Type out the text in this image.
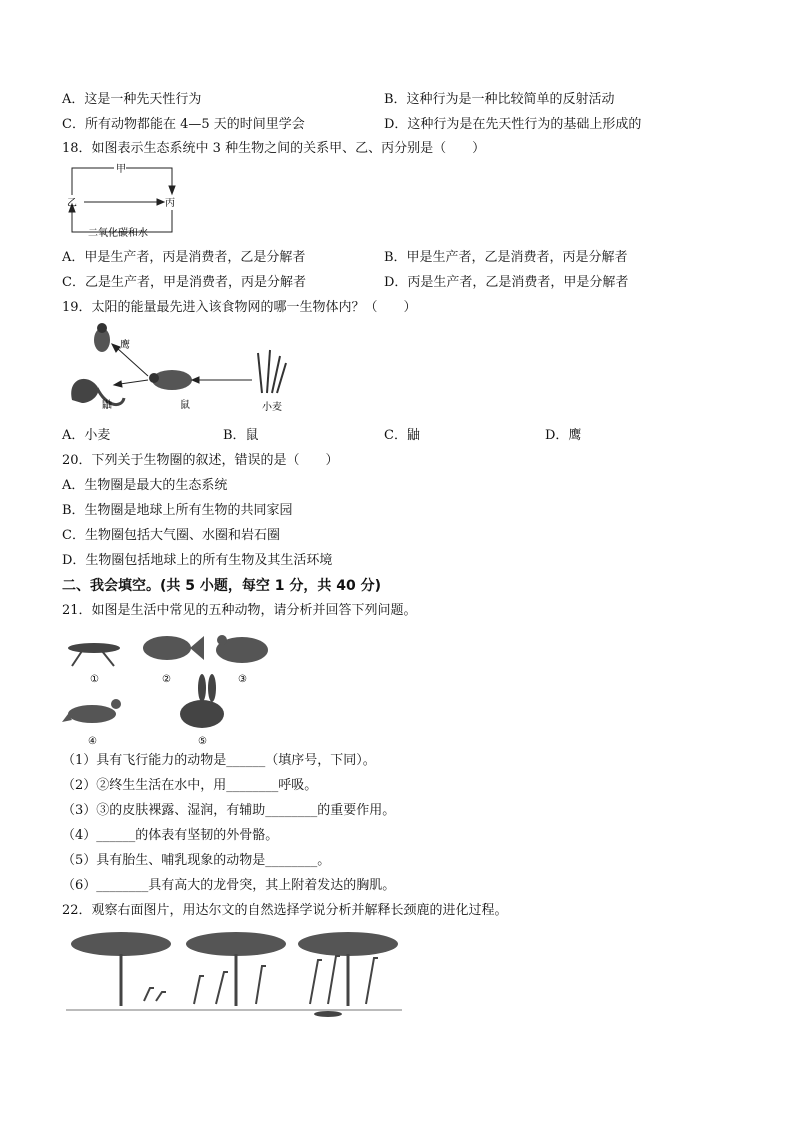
A．这是一种先天性行为	B．这种行为是一种比较简单的反射活动
C．所有动物都能在 4—5 天的时间里学会	D．这种行为是在先天性行为的基础上形成的
18．如图表示生态系统中 3 种生物之间的关系甲、乙、丙分别是（　　）
甲
乙	丙
二氧化碳和水
A．甲是生产者，丙是消费者，乙是分解者	B．甲是生产者，乙是消费者，丙是分解者
C．乙是生产者，甲是消费者，丙是分解者	D．丙是生产者，乙是消费者，甲是分解者
19．太阳的能量最先进入该食物网的哪一生物体内？（　　）
鹰
鼬	鼠	小麦
A．小麦	B．鼠	C．鼬	D．鹰
20．下列关于生物圈的叙述，错误的是（　　）
A．生物圈是最大的生态系统
B．生物圈是地球上所有生物的共同家园
C．生物圈包括大气圈、水圈和岩石圈
D．生物圈包括地球上的所有生物及其生活环境
二、我会填空。(共 5 小题，每空 1 分，共 40 分)
21．如图是生活中常见的五种动物，请分析并回答下列问题。
①	②	③
④	⑤
（1）具有飞行能力的动物是______（填序号，下同）。
（2）②终生生活在水中，用________呼吸。
（3）③的皮肤裸露、湿润，有辅助________的重要作用。
（4）______的体表有坚韧的外骨骼。
（5）具有胎生、哺乳现象的动物是________。
（6）________具有高大的龙骨突，其上附着发达的胸肌。
22．观察右面图片，用达尔文的自然选择学说分析并解释长颈鹿的进化过程。
